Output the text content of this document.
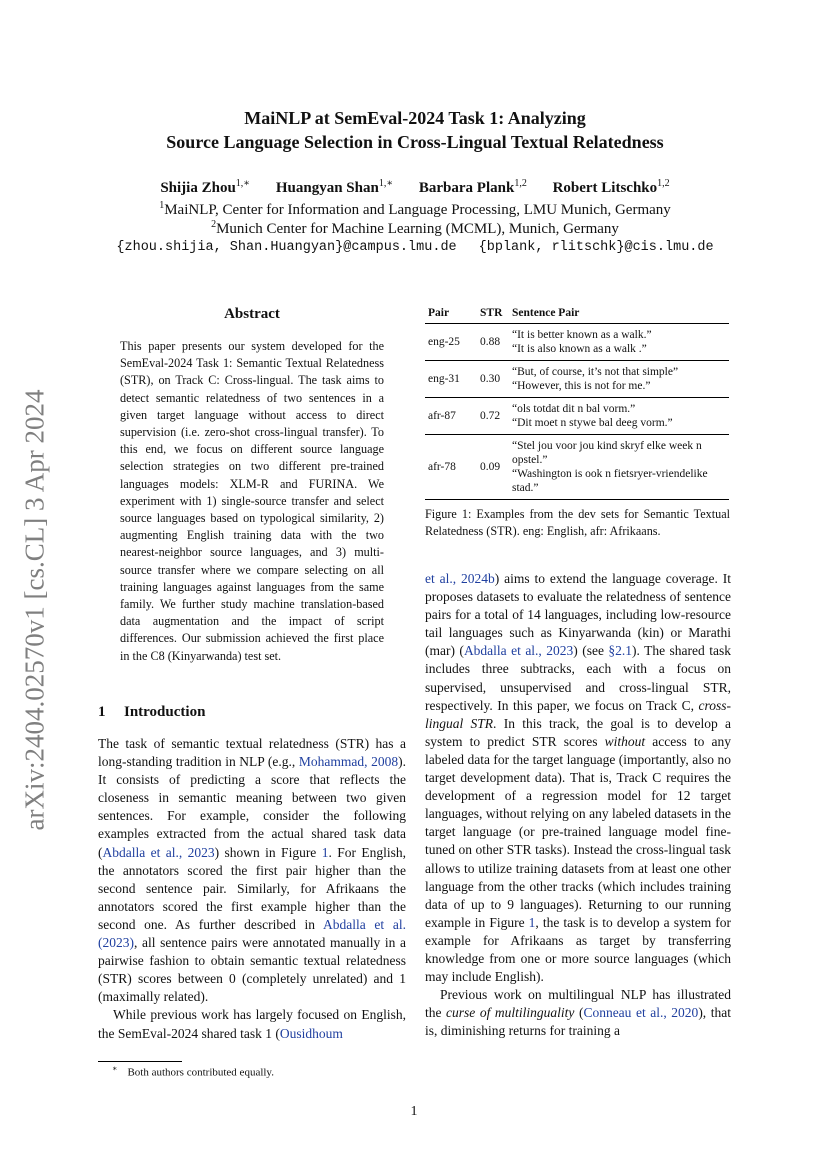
arXiv:2404.02570v1 [cs.CL] 3 Apr 2024
MaiNLP at SemEval-2024 Task 1: Analyzing
Source Language Selection in Cross-Lingual Textual Relatedness
Shijia Zhou$^{1,∗}$ Huangyan Shan$^{1,∗}$ Barbara Plank$^{1,2}$ Robert Litschko$^{1,2}$
$^1$MaiNLP, Center for Information and Language Processing, LMU Munich, Germany
$^2$Munich Center for Machine Learning (MCML), Munich, Germany
{zhou.shijia, Shan.Huangyan}@campus.lmu.de {bplank, rlitschk}@cis.lmu.de
Abstract
This paper presents our system developed for the SemEval-2024 Task 1: Semantic Textual Relatedness (STR), on Track C: Cross-lingual. The task aims to detect semantic relatedness of two sentences in a given target language without access to direct supervision (i.e. zero-shot cross-lingual transfer). To this end, we focus on different source language selection strategies on two different pre-trained languages models: XLM-R and FURINA. We experiment with 1) single-source transfer and select source languages based on typological similarity, 2) augmenting English training data with the two nearest-neighbor source languages, and 3) multi-source transfer where we compare selecting on all training languages against languages from the same family. We further study machine translation-based data augmentation and the impact of script differences. Our submission achieved the first place in the C8 (Kinyarwanda) test set.
1 Introduction

The task of semantic textual relatedness (STR) has a long-standing tradition in NLP (e.g., Mohammad, 2008). It consists of predicting a score that reflects the closeness in semantic meaning between two given sentences. For example, consider the following examples extracted from the actual shared task data (Abdalla et al., 2023) shown in Figure 1. For English, the annotators scored the first pair higher than the second sentence pair. Similarly, for Afrikaans the annotators scored the first example higher than the second one. As further described in Abdalla et al. (2023), all sentence pairs were annotated manually in a pairwise fashion to obtain semantic textual relatedness (STR) scores between 0 (completely unrelated) and 1 (maximally related).

While previous work has largely focused on English, the SemEval-2024 shared task 1 (Ousidhoum

Pair	STR	Sentence Pair
eng-25	0.88	“It is better known as a walk.”
“It is also known as a walk .”

eng-31	0.30	“But, of course, it’s not that simple”
“However, this is not for me.”

afr-87	0.72	“ols totdat dit n bal vorm.”
“Dit moet n stywe bal deeg vorm.”

afr-78	0.09	“Stel jou voor jou kind skryf elke week n opstel.”
“Washington is ook n fietsryer-vriendelike stad.”
Figure 1: Examples from the dev sets for Semantic Textual Relatedness (STR). eng: English, afr: Afrikaans.

et al., 2024b) aims to extend the language coverage. It proposes datasets to evaluate the relatedness of sentence pairs for a total of 14 languages, including low-resource tail languages such as Kinyarwanda (kin) or Marathi (mar) (Abdalla et al., 2023) (see §2.1). The shared task includes three subtracks, each with a focus on supervised, unsupervised and cross-lingual STR, respectively. In this paper, we focus on Track C, cross-lingual STR. In this track, the goal is to develop a system to predict STR scores without access to any labeled data for the target language (importantly, also no target development data). That is, Track C requires the development of a regression model for 12 target languages, without relying on any labeled datasets in the target language (or pre-trained language model fine-tuned on other STR tasks). Instead the cross-lingual task allows to utilize training datasets from at least one other language from the other tracks (which includes training data of up to 9 languages). Returning to our running example in Figure 1, the task is to develop a system for example for Afrikaans as target by transferring knowledge from one or more source languages (which may include English).

Previous work on multilingual NLP has illustrated the curse of multilinguality (Conneau et al., 2020), that is, diminishing returns for training a

∗ Both authors contributed equally.
1
